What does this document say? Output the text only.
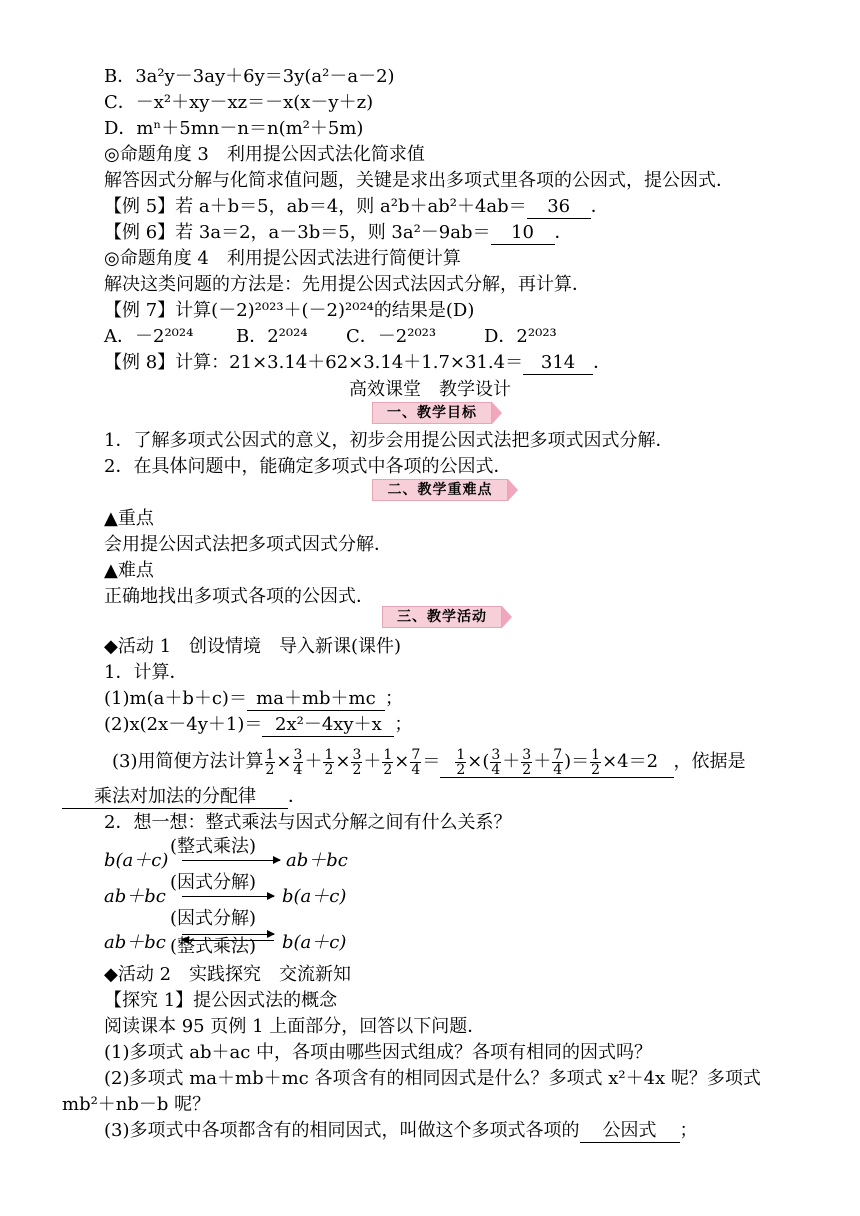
B．3a²y－3ay＋6y＝3y(a²－a－2)
C．－x²＋xy－xz＝－x(x－y＋z)
D．mⁿ＋5mn－n＝n(m²＋5m)
◎命题角度 3　利用提公因式法化简求值
解答因式分解与化简求值问题，关键是求出多项式里各项的公因式，提公因式．
【例 5】若 a＋b＝5，ab＝4，则 a²b＋ab²＋4ab＝ 36 ．
【例 6】若 3a＝2，a－3b＝5，则 3a²－9ab＝ 10 ．
◎命题角度 4　利用提公因式法进行简便计算
解决这类问题的方法是：先用提公因式法因式分解，再计算．
【例 7】计算(－2)²⁰²³＋(－2)²⁰²⁴的结果是(D)
A．－2²⁰²⁴ B．2²⁰²⁴ C．－2²⁰²³	D．2²⁰²³
【例 8】计算：21×3.14＋62×3.14＋1.7×31.4＝ 314 ．
高效课堂　教学设计
一、教学目标
1．了解多项式公因式的意义，初步会用提公因式法把多项式因式分解．
2．在具体问题中，能确定多项式中各项的公因式．
二、教学重难点
▲重点
会用提公因式法把多项式因式分解．
▲难点
正确地找出多项式各项的公因式．
三、教学活动
◆活动 1　创设情境　导入新课(课件)
1．计算．
(1)m(a＋b＋c)＝ ma＋mb＋mc ；
(2)x(2x－4y＋1)＝ 2x²－4xy＋x ；
(3)用简便方法计算 $\frac{1}{2} \times \frac{3}{4} + \frac{1}{2} \times \frac{3}{2} + \frac{1}{2} \times \frac{7}{4} = \frac{1}{2}$ ×( $\frac{3}{4} + \frac{3}{2} + \frac{7}{4}$ )＝ $\frac{1}{2} \times 4=2$  ，依据是
乘法对加法的分配律 ．
2．想一想：整式乘法与因式分解之间有什么关系？
b(a＋c)
(整式乘法)
ab＋bc
ab＋bc
(因式分解)
b(a＋c)
(因式分解)
ab＋bc (整式乘法) b(a＋c)
◆活动 2　实践探究　交流新知
【探究 1】提公因式法的概念
阅读课本 95 页例 1 上面部分，回答以下问题．
(1)多项式 ab＋ac 中，各项由哪些因式组成？各项有相同的因式吗？
(2)多项式 ma＋mb＋mc 各项含有的相同因式是什么？多项式 x²＋4x 呢？多项式
mb²＋nb－b 呢？
(3)多项式中各项都含有的相同因式，叫做这个多项式各项的 公因式 ；
